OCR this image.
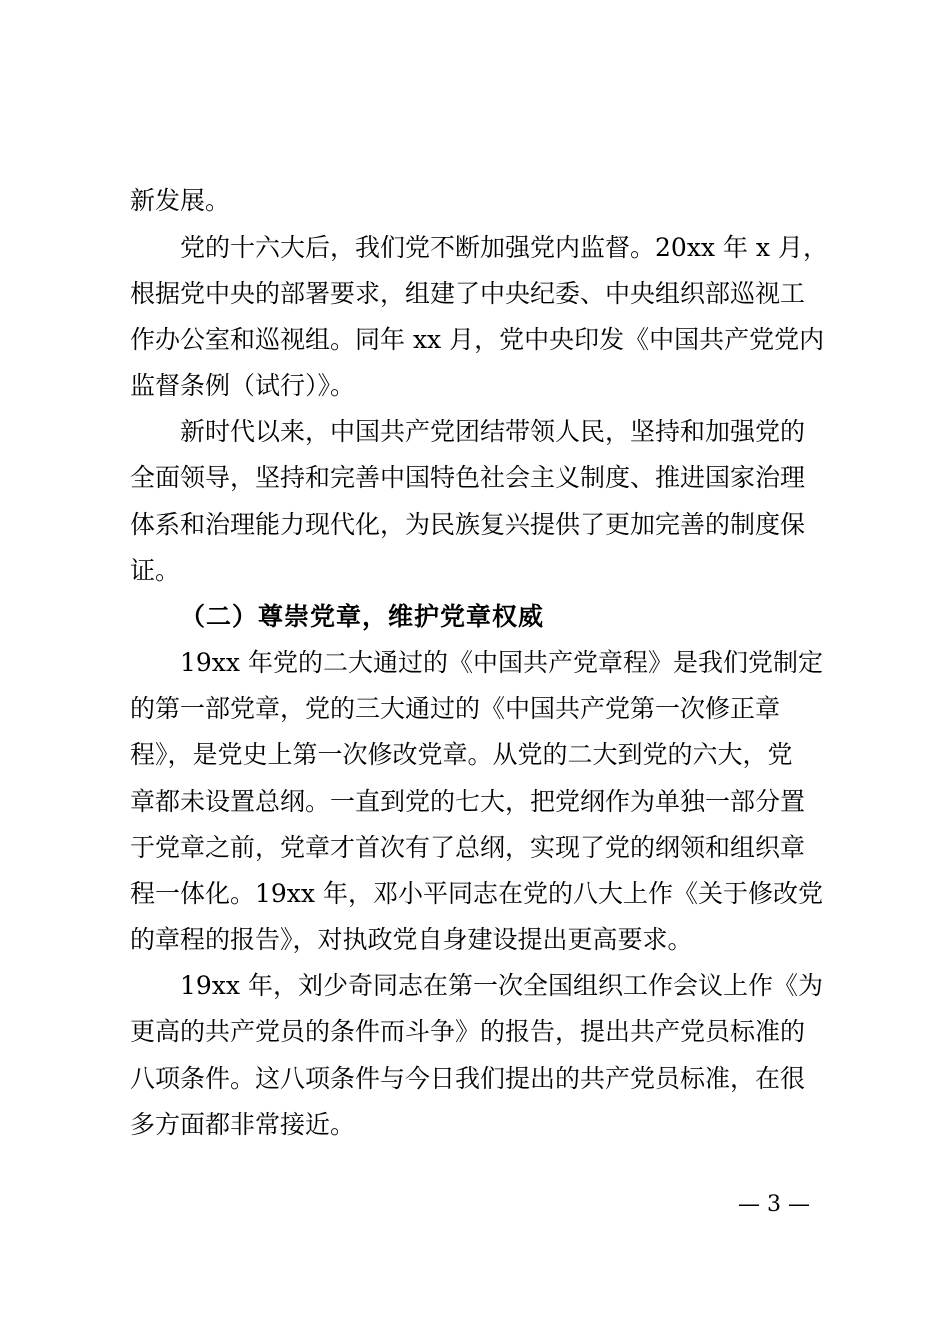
新发展。
党的十六大后，我们党不断加强党内监督。20xx 年 x 月，
根据党中央的部署要求，组建了中央纪委、中央组织部巡视工
作办公室和巡视组。同年 xx 月，党中央印发《中国共产党党内
监督条例（试行）》。
新时代以来，中国共产党团结带领人民，坚持和加强党的
全面领导，坚持和完善中国特色社会主义制度、推进国家治理
体系和治理能力现代化，为民族复兴提供了更加完善的制度保
证。
（二）尊崇党章，维护党章权威
19xx 年党的二大通过的《中国共产党章程》是我们党制定
的第一部党章，党的三大通过的《中国共产党第一次修正章
程》，是党史上第一次修改党章。从党的二大到党的六大，党
章都未设置总纲。一直到党的七大，把党纲作为单独一部分置
于党章之前，党章才首次有了总纲，实现了党的纲领和组织章
程一体化。19xx 年，邓小平同志在党的八大上作《关于修改党
的章程的报告》，对执政党自身建设提出更高要求。
19xx 年，刘少奇同志在第一次全国组织工作会议上作《为
更高的共产党员的条件而斗争》的报告，提出共产党员标准的
八项条件。这八项条件与今日我们提出的共产党员标准，在很
多方面都非常接近。
— 3 —
